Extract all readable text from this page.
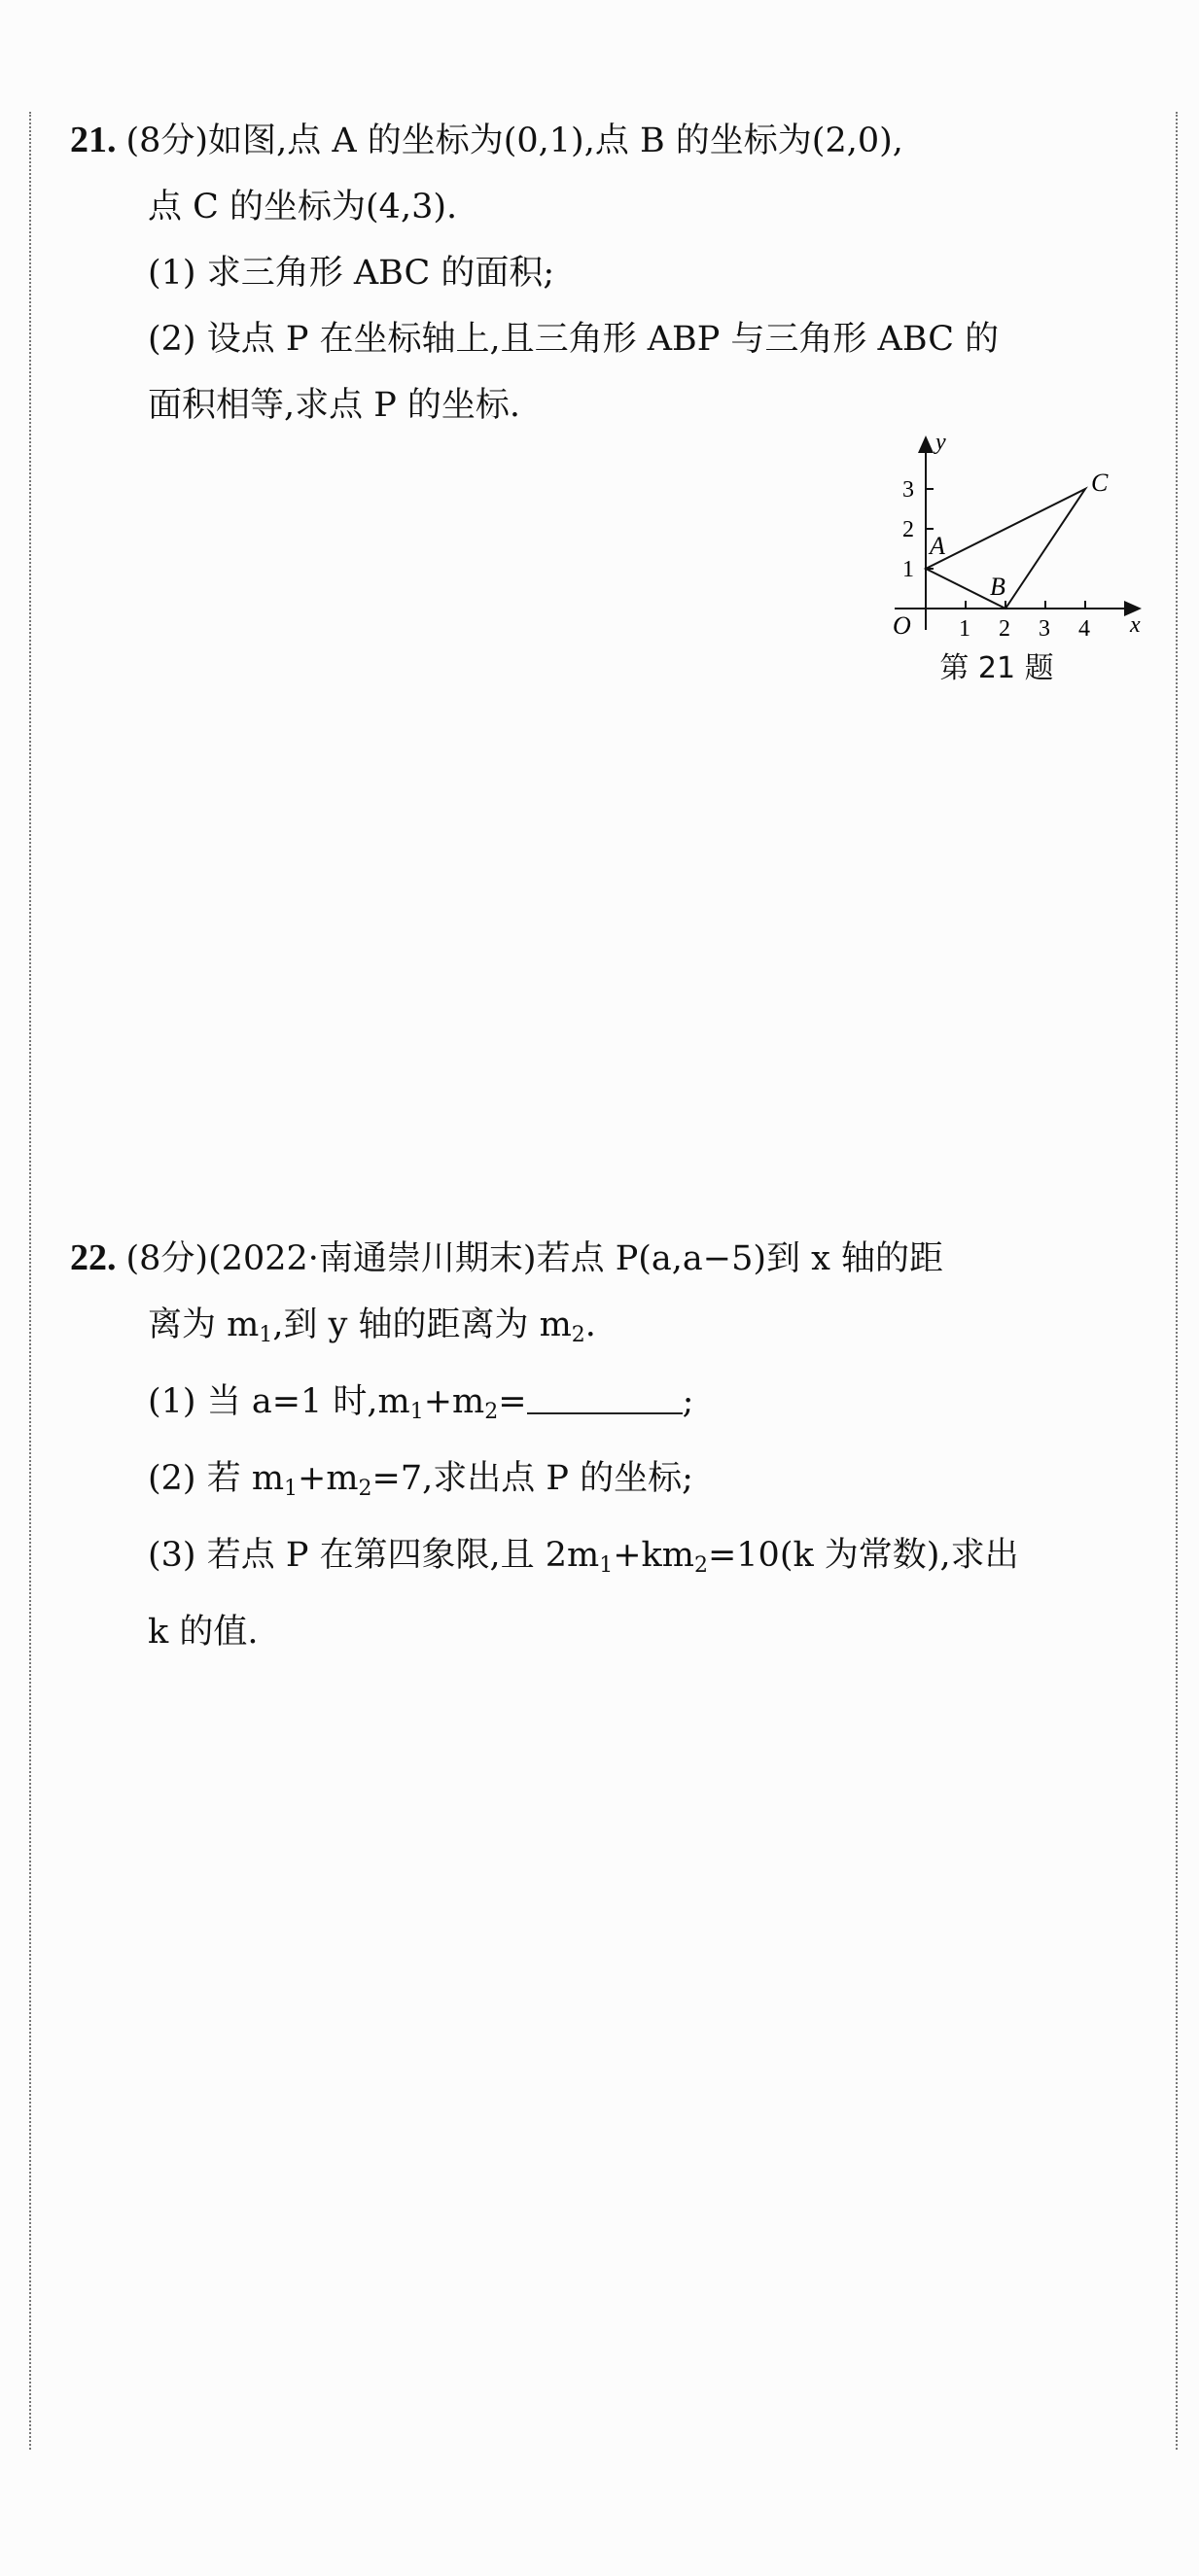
21. (8分)如图,点 A 的坐标为(0,1),点 B 的坐标为(2,0),
点 C 的坐标为(4,3).
(1) 求三角形 ABC 的面积;
(2) 设点 P 在坐标轴上,且三角形 ABP 与三角形 ABC 的
面积相等,求点 P 的坐标.
x
y
O 1 2 3 4
1
2
3
A
B
C
第 21 题
22. (8分)(2022·南通崇川期末)若点 P(a,a−5)到 x 轴的距
离为 $m_1$,到 y 轴的距离为 $m_2$.
(1) 当 a=1 时$,m_1+m_2=$	;
(2) 若 $m_1+m_2=7$,求出点 P 的坐标;
(3) 若点 P 在第四象限,且 $2m_1+km_2=10(k$ 为常数),求出
k 的值.
